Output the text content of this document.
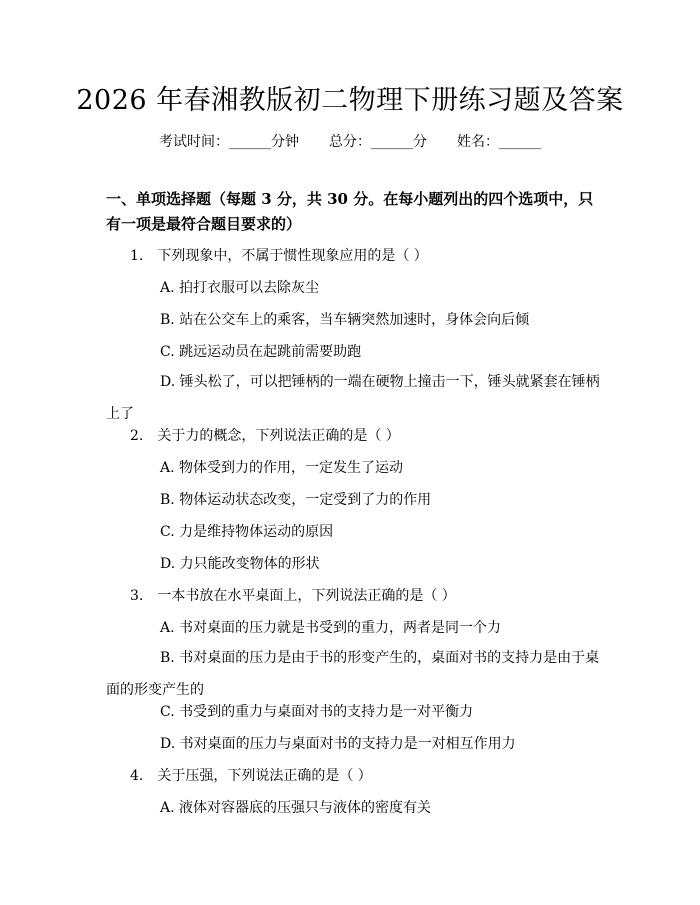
2026 年春湘教版初二物理下册练习题及答案
考试时间：______分钟 总分：______分 姓名：______
一、单项选择题（每题 3 分，共 30 分。在每小题列出的四个选项中，只有一项是最符合题目要求的）
1.　下列现象中，不属于惯性现象应用的是（ ）
A. 拍打衣服可以去除灰尘
B. 站在公交车上的乘客，当车辆突然加速时，身体会向后倾
C. 跳远运动员在起跳前需要助跑
D. 锤头松了，可以把锤柄的一端在硬物上撞击一下，锤头就紧套在锤柄上了
2.　关于力的概念，下列说法正确的是（ ）
A. 物体受到力的作用，一定发生了运动
B. 物体运动状态改变，一定受到了力的作用
C. 力是维持物体运动的原因
D. 力只能改变物体的形状
3.　一本书放在水平桌面上，下列说法正确的是（ ）
A. 书对桌面的压力就是书受到的重力，两者是同一个力
B. 书对桌面的压力是由于书的形变产生的，桌面对书的支持力是由于桌面的形变产生的
C. 书受到的重力与桌面对书的支持力是一对平衡力
D. 书对桌面的压力与桌面对书的支持力是一对相互作用力
4.　关于压强，下列说法正确的是（ ）
A. 液体对容器底的压强只与液体的密度有关
